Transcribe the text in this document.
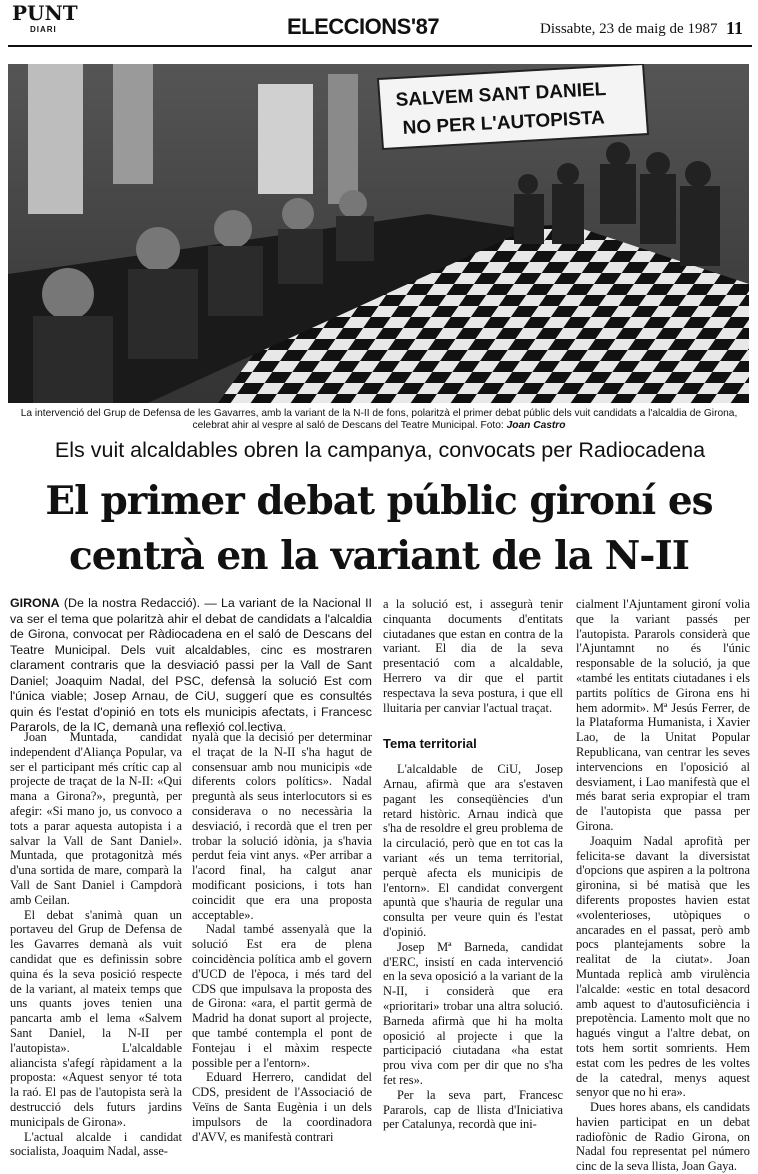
PUNT
DIARI	ELECCIONS'87	Dissabte, 23 de maig de 1987 11
SALVEM SANT DANIEL
NO PER L'AUTOPISTA
La intervenció del Grup de Defensa de les Gavarres, amb la variant de la N-II de fons, polaritzà el primer debat públic dels vuit candidats a l'alcaldia de Girona, celebrat ahir al vespre al saló de Descans del Teatre Municipal. Foto: Joan Castro
Els vuit alcaldables obren la campanya, convocats per Radiocadena
El primer debat públic gironí es
centrà en la variant de la N-II
GIRONA (De la nostra Redacció). — La variant de la Nacional II va ser el tema que polaritzà ahir el debat de candidats a l'alcaldia de Girona, convocat per Ràdiocadena en el saló de Descans del Teatre Municipal. Dels vuit alcaldables, cinc es mostraren clarament contraris que la desviació passi per la Vall de Sant Daniel; Joaquim Nadal, del PSC, defensà la solució Est com l'única viable; Josep Arnau, de CiU, suggerí que es consultés quin és l'estat d'opinió en tots els municipis afectats, i Francesc Pararols, de la IC, demanà una reflexió col.lectiva.

Joan Muntada, candidat independent d'Aliança Popular, va ser el participant més crític cap al projecte de traçat de la N-II: «Qui mana a Girona?», preguntà, per afegir: «Si mano jo, us convoco a tots a parar aquesta autopista i a salvar la Vall de Sant Daniel». Muntada, que protagonitzà més d'una sortida de mare, comparà la Vall de Sant Daniel i Campdorà amb Ceilan.

El debat s'animà quan un portaveu del Grup de Defensa de les Gavarres demanà als vuit candidat que es definissin sobre quina és la seva posició respecte de la variant, al mateix temps que uns quants joves tenien una pancarta amb el lema «Salvem Sant Daniel, la N-II per l'autopista». L'alcaldable aliancista s'afegí ràpidament a la proposta: «Aquest senyor té tota la raó. El pas de l'autopista serà la destrucció dels futurs jardins municipals de Girona».

L'actual alcalde i candidat socialista, Joaquim Nadal, asse-

nyalà que la decisió per determinar el traçat de la N-II s'ha hagut de consensuar amb nou municipis «de diferents colors polítics». Nadal preguntà als seus interlocutors si es considerava o no necessària la desviació, i recordà que el tren per trobar la solució idònia, ja s'havia perdut feia vint anys. «Per arribar a l'acord final, ha calgut anar modificant posicions, i tots han coincidit que era una proposta acceptable».

Nadal també assenyalà que la solució Est era de plena coincidència política amb el govern d'UCD de l'època, i més tard del CDS que impulsava la proposta des de Girona: «ara, el partit germà de Madrid ha donat suport al projecte, que també contempla el pont de Fontejau i el màxim respecte possible per a l'entorn».

Eduard Herrero, candidat del CDS, president de l'Associació de Veïns de Santa Eugènia i un dels impulsors de la coordinadora d'AVV, es manifestà contrari

a la solució est, i assegurà tenir cinquanta documents d'entitats ciutadanes que estan en contra de la variant. El dia de la seva presentació com a alcaldable, Herrero va dir que el partit respectava la seva postura, i que ell lluitaria per canviar l'actual traçat.

Tema territorial

L'alcaldable de CiU, Josep Arnau, afirmà que ara s'estaven pagant les conseqüències d'un retard històric. Arnau indicà que s'ha de resoldre el greu problema de la circulació, però que en tot cas la variant «és un tema territorial, perquè afecta els municipis de l'entorn». El candidat convergent apuntà que s'hauria de regular una consulta per veure quin és l'estat d'opinió.

Josep Mª Barneda, candidat d'ERC, insistí en cada intervenció en la seva oposició a la variant de la N-II, i considerà que era «prioritari» trobar una altra solució. Barneda afirmà que hi ha molta oposició al projecte i que la participació ciutadana «ha estat prou viva com per dir que no s'ha fet res».

Per la seva part, Francesc Pararols, cap de llista d'Iniciativa per Catalunya, recordà que ini-

cialment l'Ajuntament gironí volia que la variant passés per l'autopista. Pararols considerà que l'Ajuntamnt no és l'únic responsable de la solució, ja que «també les entitats ciutadanes i els partits polítics de Girona ens hi hem adormit». Mª Jesús Ferrer, de la Plataforma Humanista, i Xavier Lao, de la Unitat Popular Republicana, van centrar les seves intervencions en l'oposició al desviament, i Lao manifestà que el més barat seria expropiar el tram de l'autopista que passa per Girona.

Joaquim Nadal aprofità per felicita-se davant la diversistat d'opcions que aspiren a la poltrona gironina, si bé matisà que les diferents propostes havien estat «volenterioses, utòpiques o ancarades en el passat, però amb pocs plantejaments sobre la realitat de la ciutat». Joan Muntada replicà amb virulència l'alcalde: «estic en total desacord amb aquest to d'autosuficiència i prepotència. Lamento molt que no hagués vingut a l'altre debat, on tots hem sortit somrients. Hem estat com les pedres de les voltes de la catedral, menys aquest senyor que no hi era».

Dues hores abans, els candidats havien participat en un debat radiofònic de Radio Girona, on Nadal fou representat pel número cinc de la seva llista, Joan Gaya.
